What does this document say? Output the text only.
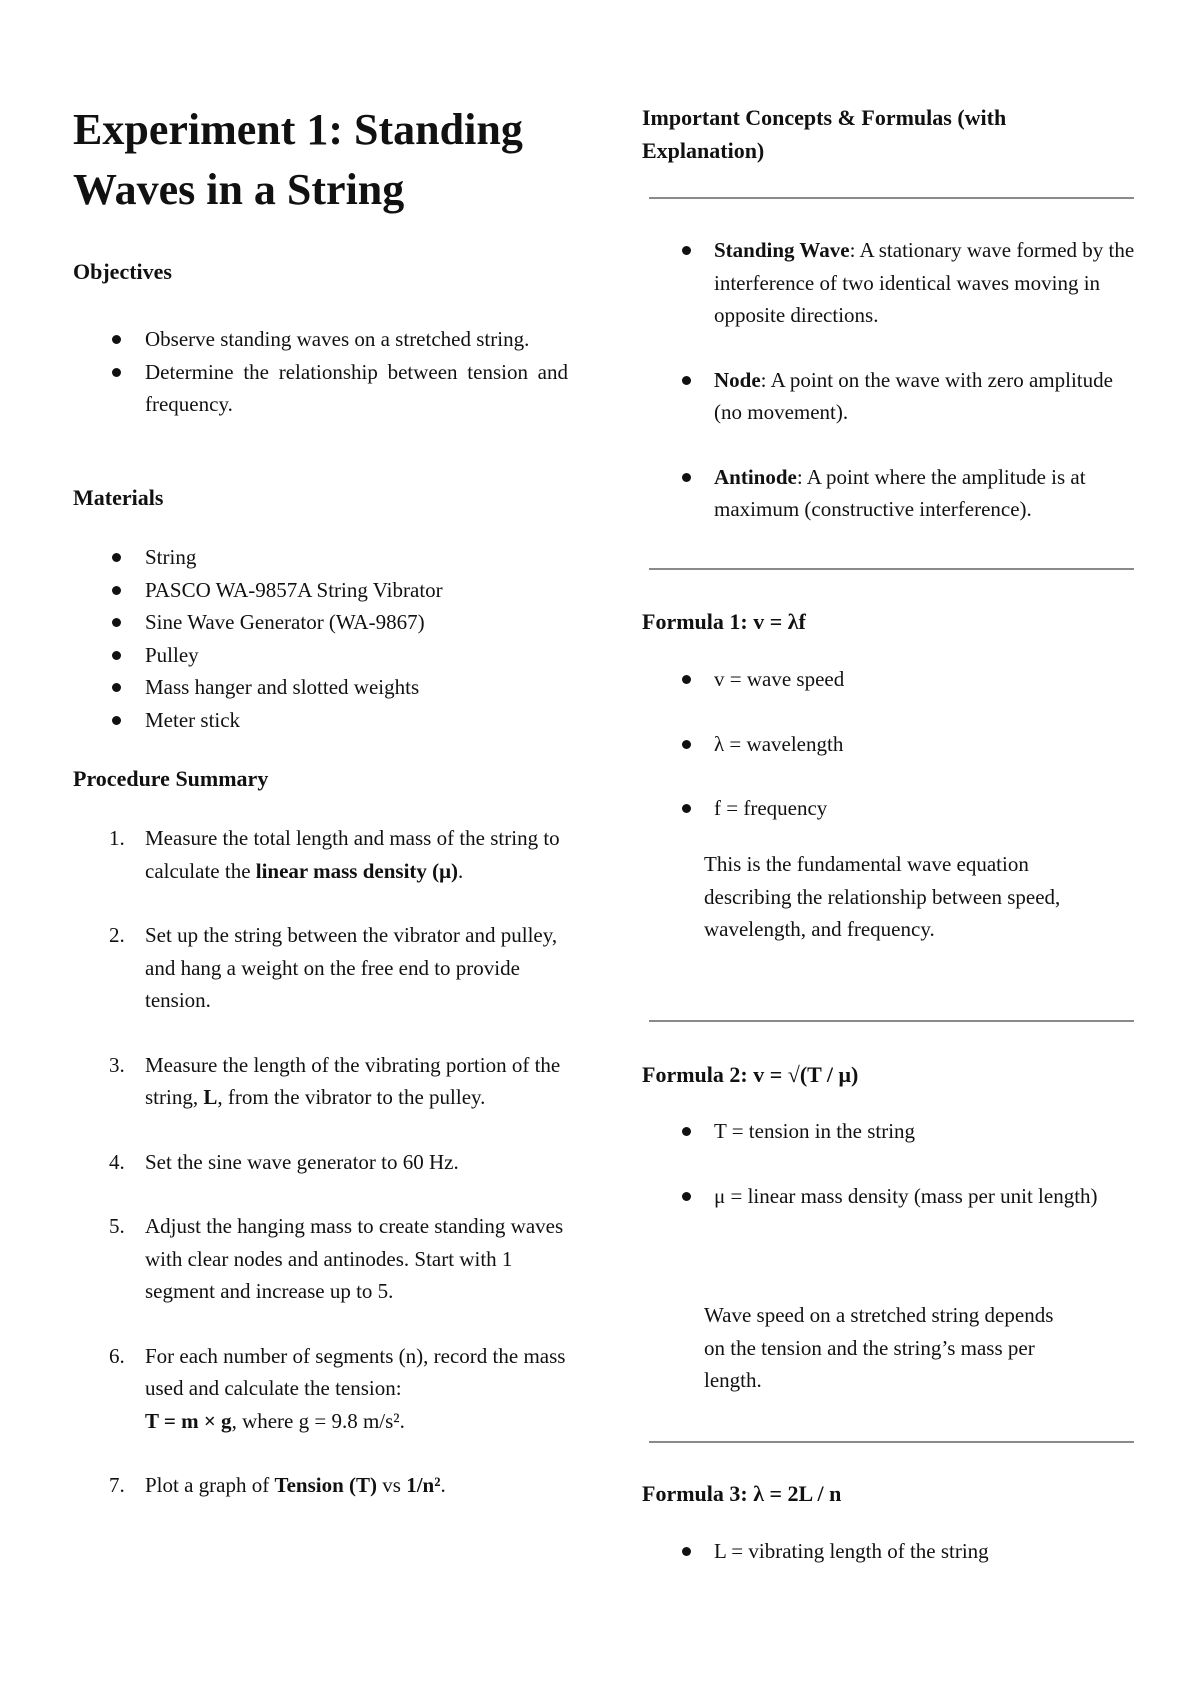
Experiment 1: Standing Waves in a String
Objectives
Observe standing waves on a stretched string.
Determine the relationship between tension and frequency.
Materials
String
PASCO WA-9857A String Vibrator
Sine Wave Generator (WA-9867)
Pulley
Mass hanger and slotted weights
Meter stick
Procedure Summary
1. Measure the total length and mass of the string to calculate the linear mass density (μ).
2. Set up the string between the vibrator and pulley, and hang a weight on the free end to provide tension.
3. Measure the length of the vibrating portion of the string, L, from the vibrator to the pulley.
4. Set the sine wave generator to 60 Hz.
5. Adjust the hanging mass to create standing waves with clear nodes and antinodes. Start with 1 segment and increase up to 5.
6. For each number of segments (n), record the mass used and calculate the tension:
T = m × g, where g = 9.8 m/s².
7. Plot a graph of Tension (T) vs 1/n².
Important Concepts & Formulas (with Explanation)
Standing Wave: A stationary wave formed by the interference of two identical waves moving in opposite directions.
Node: A point on the wave with zero amplitude (no movement).
Antinode: A point where the amplitude is at maximum (constructive interference).
Formula 1: v = λf
v = wave speed
λ = wavelength
f = frequency

This is the fundamental wave equation describing the relationship between speed, wavelength, and frequency.

Formula 2: v = √(T / μ)
T = tension in the string
μ = linear mass density (mass per unit length)

Wave speed on a stretched string depends on the tension and the string’s mass per length.

Formula 3: λ = 2L / n
L = vibrating length of the string
